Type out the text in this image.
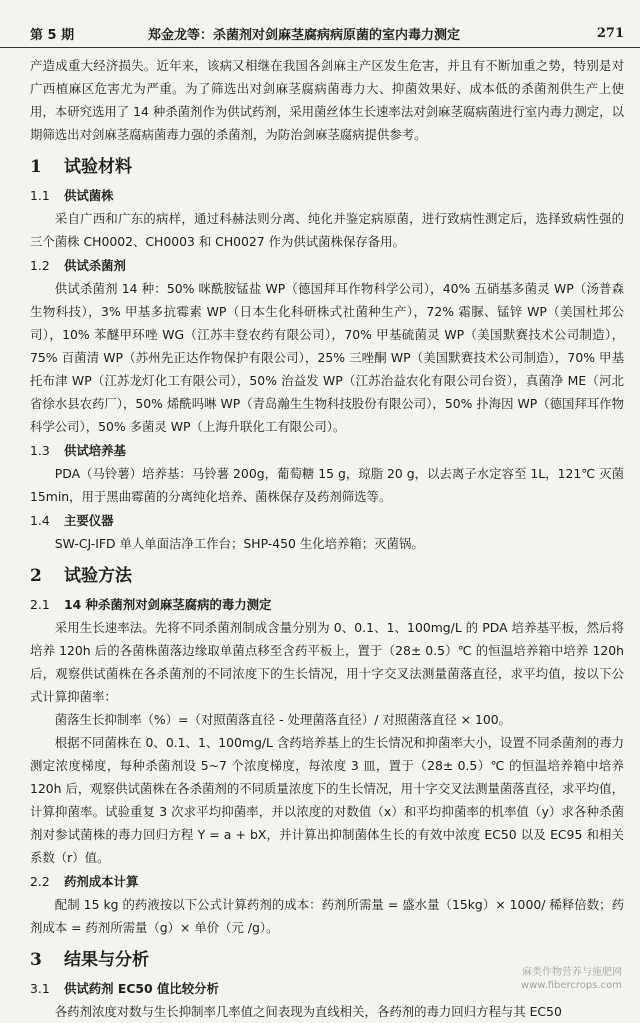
第 5 期	郑金龙等：杀菌剂对剑麻茎腐病病原菌的室内毒力测定	271

产造成重大经济损失。近年来，该病又相继在我国各剑麻主产区发生危害，并且有不断加重之势，特别是对广西植麻区危害尤为严重。为了筛选出对剑麻茎腐病菌毒力大、抑菌效果好、成本低的杀菌剂供生产上使用，本研究选用了 14 种杀菌剂作为供试药剂，采用菌丝体生长速率法对剑麻茎腐病菌进行室内毒力测定，以期筛选出对剑麻茎腐病菌毒力强的杀菌剂，为防治剑麻茎腐病提供参考。

1 试验材料
1.1 供试菌株

采自广西和广东的病样，通过科赫法则分离、纯化并鉴定病原菌，进行致病性测定后，选择致病性强的三个菌株 CH0002、CH0003 和 CH0027 作为供试菌株保存备用。

1.2 供试杀菌剂

供试杀菌剂 14 种：50% 咪酰胺锰盐 WP（德国拜耳作物科学公司），40% 五硝基多菌灵 WP（汤普森生物科技），3% 甲基多抗霉素 WP（日本生化科研株式社菌种生产），72% 霜脲、锰锌 WP（美国杜邦公司），10% 苯醚甲环唑 WG（江苏丰登农药有限公司），70% 甲基硫菌灵 WP（美国默赛技术公司制造），75% 百菌清 WP（苏州先正达作物保护有限公司），25% 三唑酮 WP（美国默赛技术公司制造），70% 甲基托布津 WP（江苏龙灯化工有限公司），50% 治益发 WP（江苏治益农化有限公司台资），真菌净 ME（河北省徐水县农药厂），50% 烯酰吗啉 WP（青岛瀚生生物科技股份有限公司），50% 扑海因 WP（德国拜耳作物科学公司），50% 多菌灵 WP（上海升联化工有限公司）。

1.3 供试培养基

PDA（马铃薯）培养基：马铃薯 200g，葡萄糖 15 g，琼脂 20 g，以去离子水定容至 1L，121℃ 灭菌 15min，用于黑曲霉菌的分离纯化培养、菌株保存及药剂筛选等。

1.4 主要仪器

SW-CJ-IFD 单人单面洁净工作台；SHP-450 生化培养箱；灭菌锅。

2 试验方法
2.1 14 种杀菌剂对剑麻茎腐病的毒力测定

采用生长速率法。先将不同杀菌剂制成含量分别为 0、0.1、1、100mg/L 的 PDA 培养基平板，然后将培养 120h 后的各菌株菌落边缘取单菌点移至含药平板上，置于（28± 0.5）℃ 的恒温培养箱中培养 120h 后，观察供试菌株在各杀菌剂的不同浓度下的生长情况，用十字交叉法测量菌落直径，求平均值，按以下公式计算抑菌率：

菌落生长抑制率（%）=（对照菌落直径 - 处理菌落直径）/ 对照菌落直径 × 100。

根据不同菌株在 0、0.1、1、100mg/L 含药培养基上的生长情况和抑菌率大小，设置不同杀菌剂的毒力测定浓度梯度，每种杀菌剂设 5~7 个浓度梯度，每浓度 3 皿，置于（28± 0.5）℃ 的恒温培养箱中培养 120h 后，观察供试菌株在各杀菌剂的不同质量浓度下的生长情况，用十字交叉法测量菌落直径，求平均值，计算抑菌率。试验重复 3 次求平均抑菌率，并以浓度的对数值（x）和平均抑菌率的机率值（y）求各种杀菌剂对参试菌株的毒力回归方程 Y = a + bX，并计算出抑制菌体生长的有效中浓度 EC50 以及 EC95 和相关系数（r）值。

2.2 药剂成本计算

配制 15 kg 的药液按以下公式计算药剂的成本：药剂所需量 = 盛水量（15kg）× 1000/ 稀释倍数；药剂成本 = 药剂所需量（g）× 单价（元 /g）。

3 结果与分析
3.1 供试药剂 EC50 值比较分析

各药剂浓度对数与生长抑制率几率值之间表现为直线相关，各药剂的毒力回归方程与其 EC50

麻类作物营养与施肥网
www.fibercrops.com
